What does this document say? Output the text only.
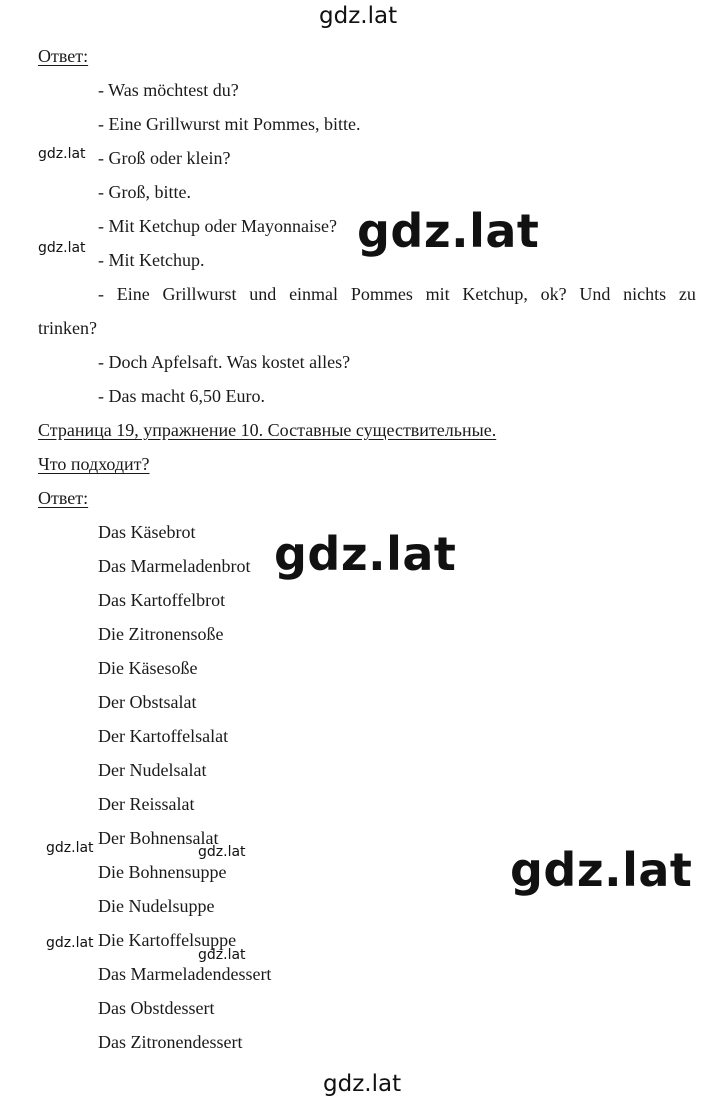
gdz.lat
gdz.lat
gdz.lat
gdz.lat
gdz.lat	gdz.lat
gdz.lat
gdz.lat
gdz.lat
gdz.lat
gdz.lat
Ответ:
- Was möchtest du?
- Eine Grillwurst mit Pommes, bitte.
- Groß oder klein?
- Groß, bitte.
- Mit Ketchup oder Mayonnaise?
- Mit Ketchup.
- Eine Grillwurst und einmal Pommes mit Ketchup, ok? Und nichts zu
trinken?
- Doch Apfelsaft. Was kostet alles?
- Das macht 6,50 Euro.
Страница 19, упражнение 10. Составные существительные.
Что подходит?
Ответ:
Das Käsebrot
Das Marmeladenbrot
Das Kartoffelbrot
Die Zitronensoße
Die Käsesoße
Der Obstsalat
Der Kartoffelsalat
Der Nudelsalat
Der Reissalat
Der Bohnensalat
Die Bohnensuppe
Die Nudelsuppe
Die Kartoffelsuppe
Das Marmeladendessert
Das Obstdessert
Das Zitronendessert
